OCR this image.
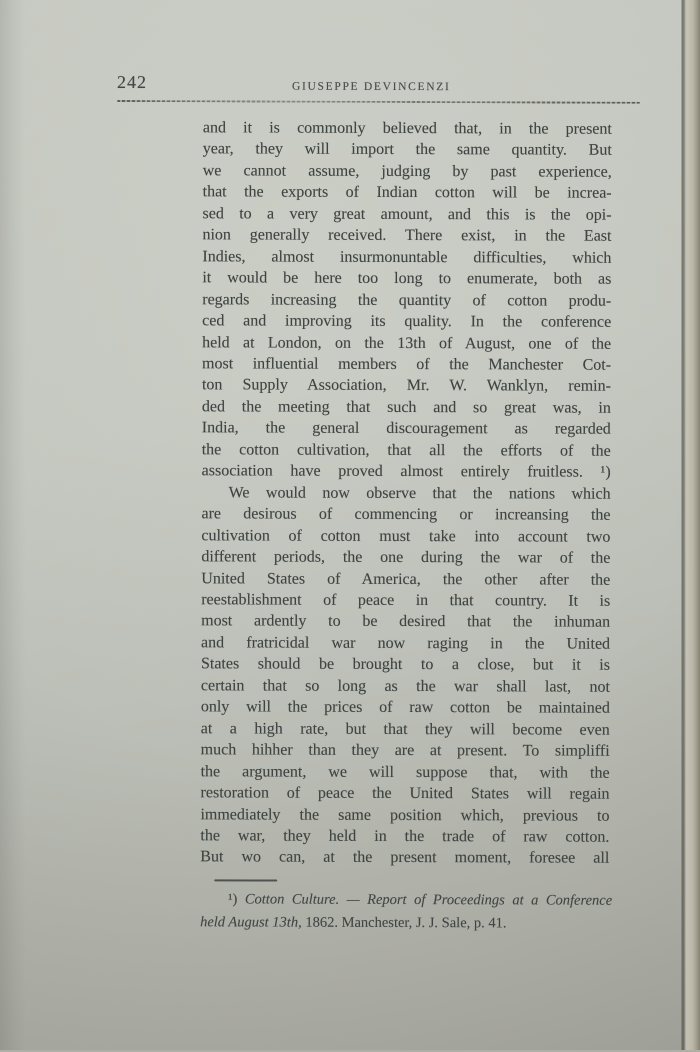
242	GIUSEPPE DEVINCENZI
and it is commonly believed that, in the present
year, they will import the same quantity. But
we cannot assume, judging by past experience,
that the exports of Indian cotton will be increa-
sed to a very great amount, and this is the opi-
nion generally received. There exist, in the East
Indies, almost insurmonuntable difficulties, which
it would be here too long to enumerate, both as
regards increasing the quantity of cotton produ-
ced and improving its quality. In the conference
held at London, on the 13th of August, one of the
most influential members of the Manchester Cot-
ton Supply Association, Mr. W. Wanklyn, remin-
ded the meeting that such and so great was, in
India, the general discouragement as regarded
the cotton cultivation, that all the efforts of the
association have proved almost entirely fruitless. ¹)
We would now observe that the nations which
are desirous of commencing or increansing the
cultivation of cotton must take into account two
different periods, the one during the war of the
United States of America, the other after the
reestablishment of peace in that country. It is
most ardently to be desired that the inhuman
and fratricidal war now raging in the United
States should be brought to a close, but it is
certain that so long as the war shall last, not
only will the prices of raw cotton be maintained
at a high rate, but that they will become even
much hihher than they are at present. To simpliffi
the argument, we will suppose that, with the
restoration of peace the United States will regain
immediately the same position which, previous to
the war, they held in the trade of raw cotton.
But wo can, at the present moment, foresee all
¹) Cotton Culture. — Report of Proceedings at a Conference
held August 13th, 1862. Manchester, J. J. Sale, p. 41.
